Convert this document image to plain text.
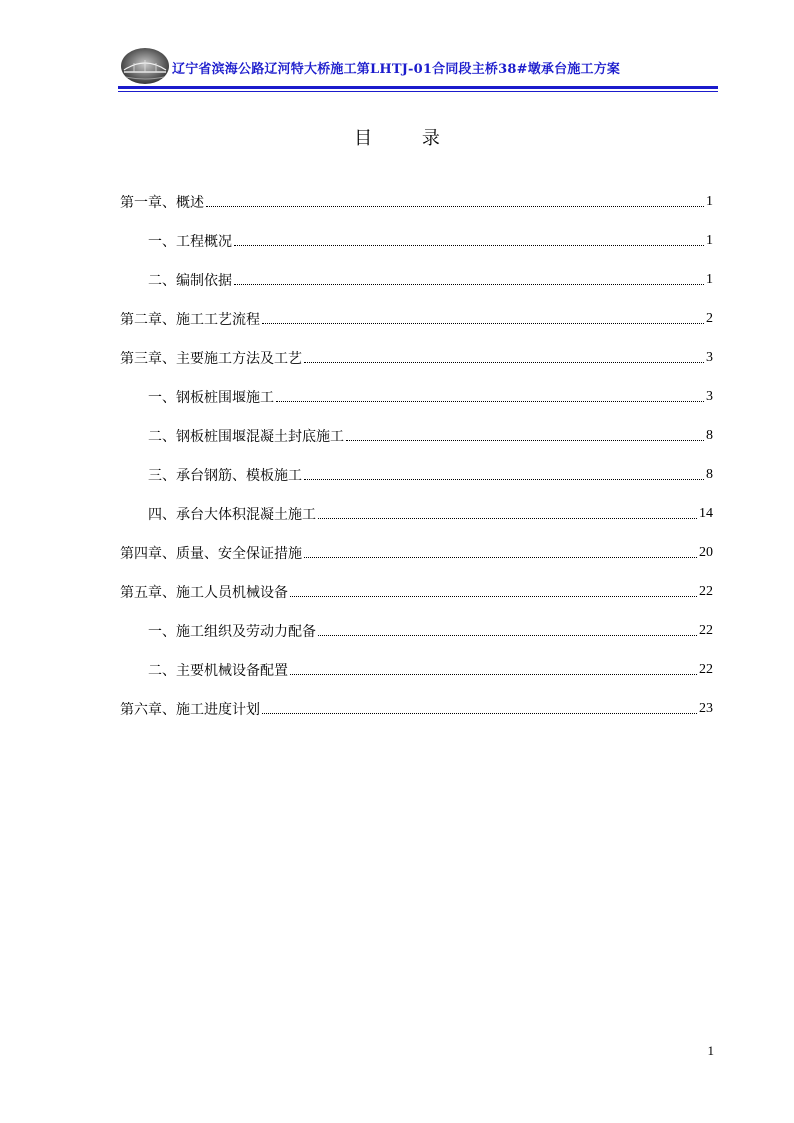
辽宁省滨海公路辽河特大桥施工第LHTJ-01合同段主桥38#墩承台施工方案
目 录
第一章、概述	1
一、工程概况	1
二、编制依据	1
第二章、施工工艺流程	2
第三章、主要施工方法及工艺	3
一、钢板桩围堰施工	3
二、钢板桩围堰混凝土封底施工	8
三、承台钢筋、模板施工	8
四、承台大体积混凝土施工	14
第四章、质量、安全保证措施	20
第五章、施工人员机械设备	22
一、施工组织及劳动力配备	22
二、主要机械设备配置	22
第六章、施工进度计划	23
1
